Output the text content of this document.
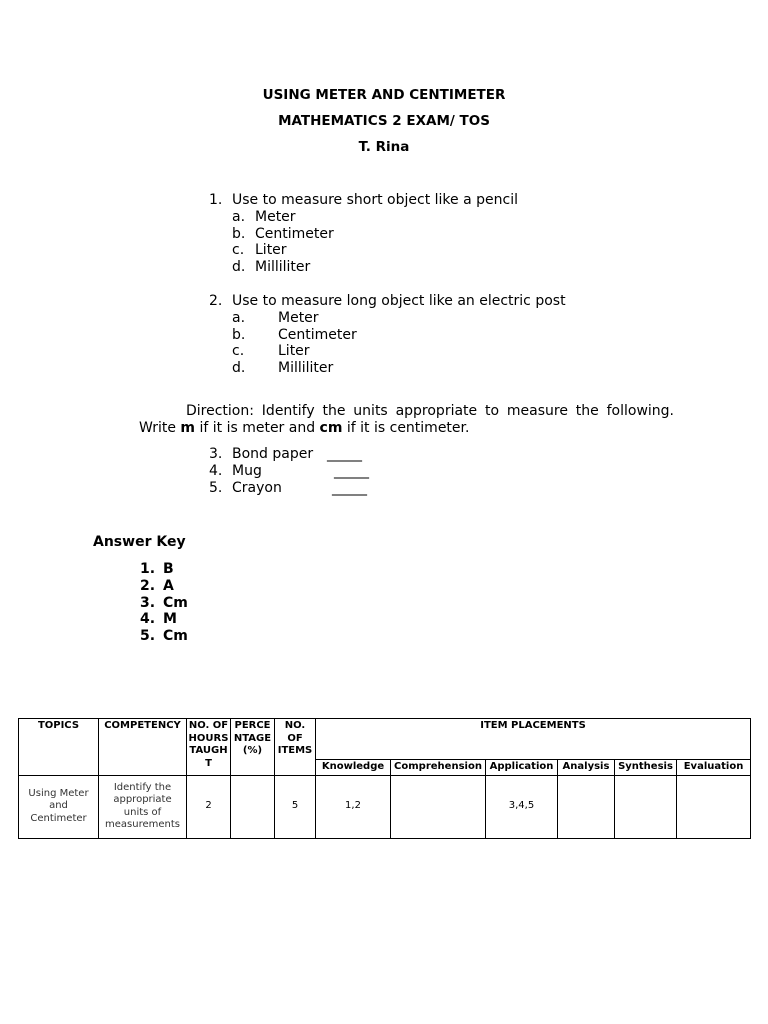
USING METER AND CENTIMETER
MATHEMATICS 2 EXAM/ TOS
T. Rina
1. Use to measure short object like a pencil
a. Meter
b. Centimeter
c. Liter
d. Milliliter
2. Use to measure long object like an electric post
a. Meter
b. Centimeter
c. Liter
d. Milliliter
Direction: Identify the units appropriate to measure the following. Write m if it is meter and cm if it is centimeter.
3. Bond paper _____
4. Mug	_____
5. Crayon	_____
Answer Key
1. B
2. A
3. Cm
4. M
5. Cm
TOPICS	COMPETENCY	NO. OF HOURS TAUGHT	PERCENTAGE (%)	NO. OF ITEMS	ITEM PLACEMENTS					
					Knowledge	Comprehension	Application	Analysis	Synthesis	Evaluation
Using Meter and Centimeter	Identify the appropriate units of measurements	2		5	1,2		3,4,5			
